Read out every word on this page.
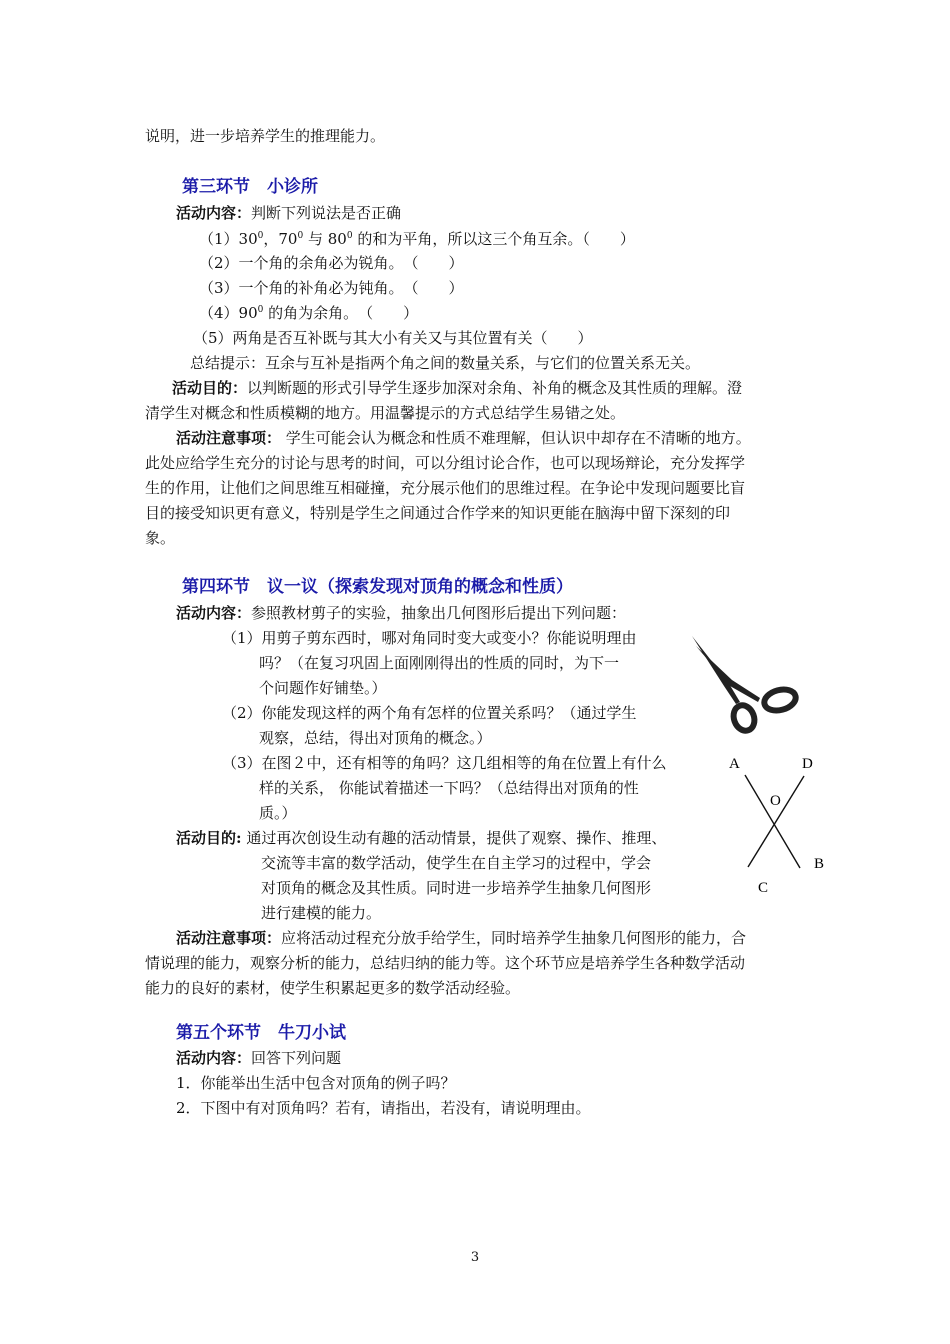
说明，进一步培养学生的推理能力。
第三环节　小诊所
活动内容：判断下列说法是否正确
$(1)30^0$，$70^0$ 与 $80^0$ 的和为平角，所以这三个角互余。（　　）
（2）一个角的余角必为锐角。　（　　）
（3）一个角的补角必为钝角。　（　　）
$(4)90^0$ 的角为余角。　（　　）
（5）两角是否互补既与其大小有关又与其位置有关（　　）
总结提示：互余与互补是指两个角之间的数量关系，与它们的位置关系无关。
活动目的：以判断题的形式引导学生逐步加深对余角、补角的概念及其性质的理解。澄
清学生对概念和性质模糊的地方。用温馨提示的方式总结学生易错之处。
活动注意事项： 学生可能会认为概念和性质不难理解，但认识中却存在不清晰的地方。
此处应给学生充分的讨论与思考的时间，可以分组讨论合作，也可以现场辩论，充分发挥学
生的作用，让他们之间思维互相碰撞，充分展示他们的思维过程。在争论中发现问题要比盲
目的接受知识更有意义，特别是学生之间通过合作学来的知识更能在脑海中留下深刻的印
象。
第四环节　议一议（探索发现对顶角的概念和性质）
活动内容：参照教材剪子的实验，抽象出几何图形后提出下列问题：
（1）用剪子剪东西时，哪对角同时变大或变小？你能说明理由
吗？（在复习巩固上面刚刚得出的性质的同时，为下一
个问题作好铺垫。）
（2）你能发现这样的两个角有怎样的位置关系吗？（通过学生
观察，总结，得出对顶角的概念。）
（3）在图２中，还有相等的角吗？这几组相等的角在位置上有什么
样的关系， 你能试着描述一下吗？（总结得出对顶角的性
质。）
活动目的: 通过再次创设生动有趣的活动情景，提供了观察、操作、推理、
交流等丰富的数学活动，使学生在自主学习的过程中，学会
对顶角的概念及其性质。同时进一步培养学生抽象几何图形
进行建模的能力。
活动注意事项：应将活动过程充分放手给学生，同时培养学生抽象几何图形的能力，合
情说理的能力，观察分析的能力，总结归纳的能力等。这个环节应是培养学生各种数学活动
能力的良好的素材，使学生积累起更多的数学活动经验。
A	D
O
B
C
第五个环节　牛刀小试
活动内容：回答下列问题
1．你能举出生活中包含对顶角的例子吗？
2．下图中有对顶角吗？若有，请指出，若没有，请说明理由。
3
